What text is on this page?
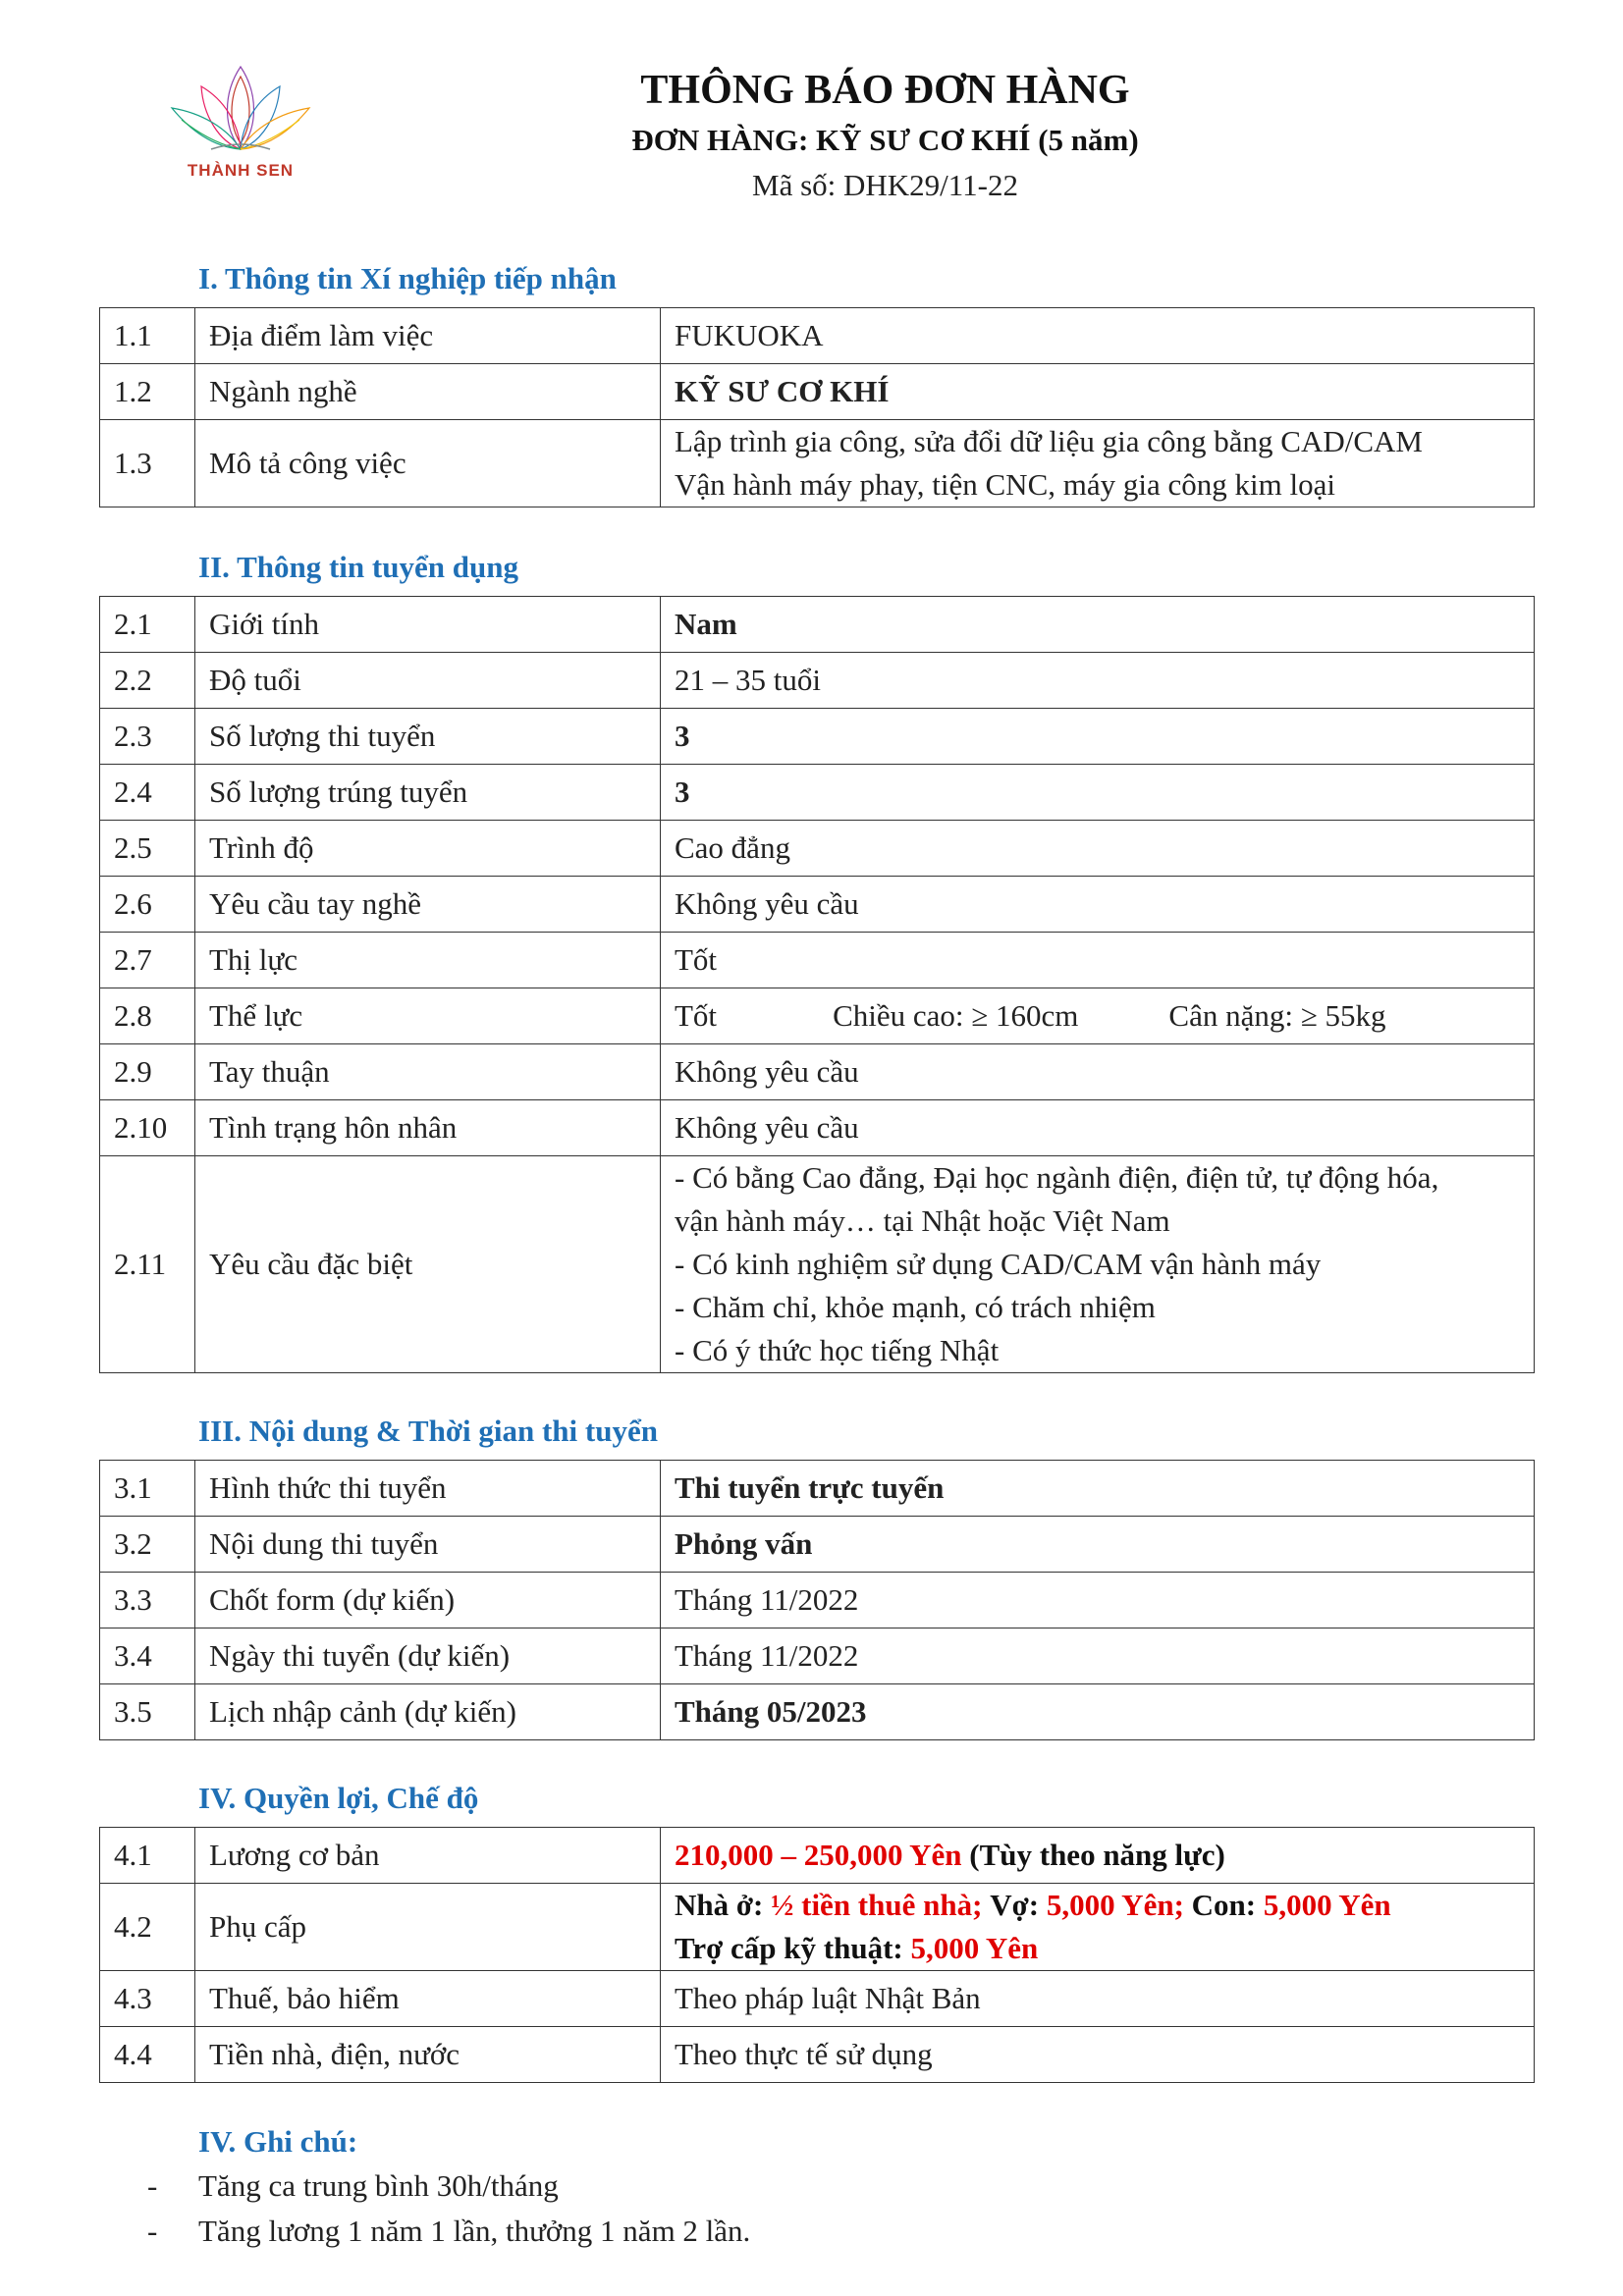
THÀNH SEN
THÔNG BÁO ĐƠN HÀNG
ĐƠN HÀNG: KỸ SƯ CƠ KHÍ (5 năm)
Mã số: DHK29/11-22
I. Thông tin Xí nghiệp tiếp nhận
1.1	Địa điểm làm việc	FUKUOKA
1.2	Ngành nghề	KỸ SƯ CƠ KHÍ
1.3	Mô tả công việc	Lập trình gia công, sửa đổi dữ liệu gia công bằng CAD/CAM
Vận hành máy phay, tiện CNC, máy gia công kim loại
II. Thông tin tuyển dụng
2.1	Giới tính	Nam
2.2	Độ tuổi	21 – 35 tuổi
2.3	Số lượng thi tuyển	3
2.4	Số lượng trúng tuyển	3
2.5	Trình độ	Cao đẳng
2.6	Yêu cầu tay nghề	Không yêu cầu
2.7	Thị lực	Tốt
2.8	Thể lực	Tốt Chiều cao: ≥ 160cm Cân nặng: ≥ 55kg
2.9	Tay thuận	Không yêu cầu
2.10	Tình trạng hôn nhân	Không yêu cầu
2.11	Yêu cầu đặc biệt	- Có bằng Cao đẳng, Đại học ngành điện, điện tử, tự động hóa,
vận hành máy… tại Nhật hoặc Việt Nam
- Có kinh nghiệm sử dụng CAD/CAM vận hành máy
- Chăm chỉ, khỏe mạnh, có trách nhiệm
- Có ý thức học tiếng Nhật
III. Nội dung & Thời gian thi tuyển
3.1	Hình thức thi tuyển	Thi tuyển trực tuyến
3.2	Nội dung thi tuyển	Phỏng vấn
3.3	Chốt form (dự kiến)	Tháng 11/2022
3.4	Ngày thi tuyển (dự kiến)	Tháng 11/2022
3.5	Lịch nhập cảnh (dự kiến)	Tháng 05/2023
IV. Quyền lợi, Chế độ
4.1	Lương cơ bản	210,000 – 250,000 Yên (Tùy theo năng lực)
4.2	Phụ cấp	Nhà ở: ½ tiền thuê nhà; Vợ: 5,000 Yên; Con: 5,000 Yên
Trợ cấp kỹ thuật: 5,000 Yên

4.3	Thuế, bảo hiểm	Theo pháp luật Nhật Bản
4.4	Tiền nhà, điện, nước	Theo thực tế sử dụng
IV. Ghi chú:
- Tăng ca trung bình 30h/tháng
- Tăng lương 1 năm 1 lần, thưởng 1 năm 2 lần.
